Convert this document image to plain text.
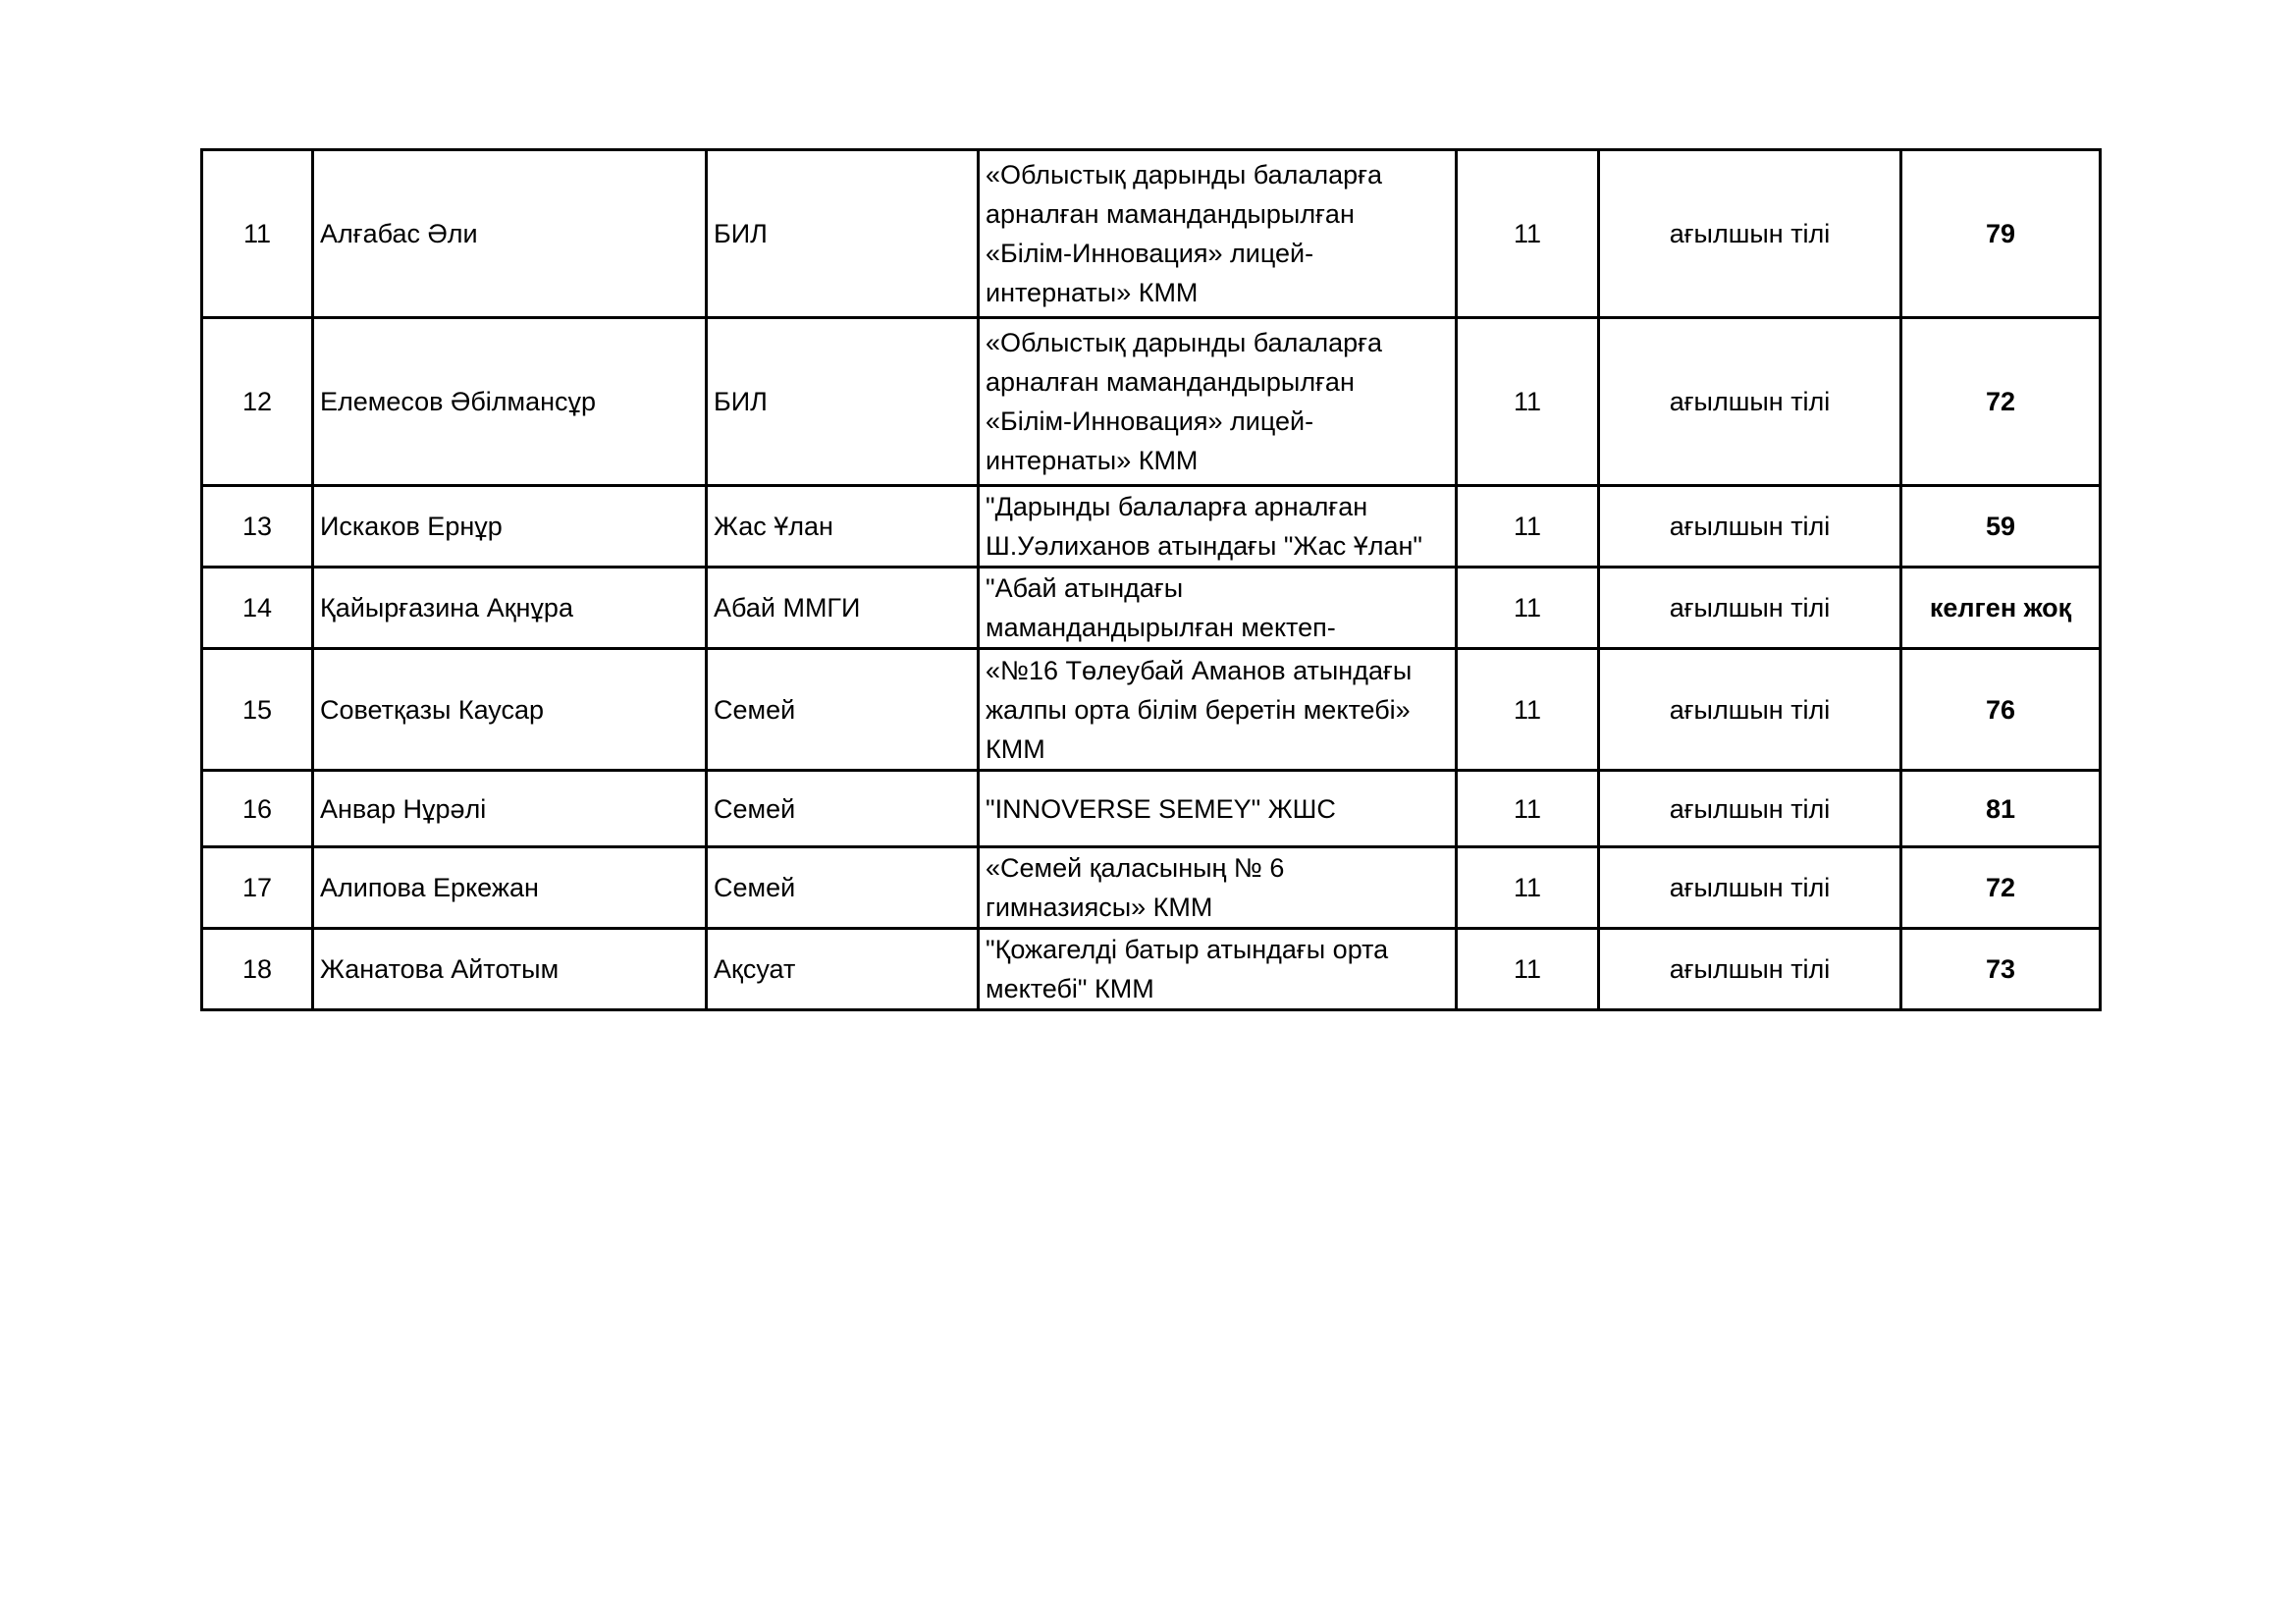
11	Алғабас Әли	БИЛ	«Облыстық дарынды балаларға
арналған мамандандырылған
«Білім-Инновация» лицей-
интернаты» КММ	11	ағылшын тілі	79
12	Елемесов Әбілмансұр	БИЛ	«Облыстық дарынды балаларға
арналған мамандандырылған
«Білім-Инновация» лицей-
интернаты» КММ	11	ағылшын тілі	72
13	Искаков Ернұр	Жас Ұлан	"Дарынды балаларға арналған
Ш.Уәлиханов атындағы "Жас Ұлан"	11	ағылшын тілі	59
14	Қайырғазина Ақнұра	Абай ММГИ	"Абай атындағы
мамандандырылған мектеп-	11	ағылшын тілі	келген жоқ
15	Советқазы Каусар	Семей	«№16 Төлеубай Аманов атындағы
жалпы орта білім беретін мектебі»
КММ	11	ағылшын тілі	76
16	Анвар Нұрәлі	Семей	"INNOVERSE SEMEY" ЖШС	11	ағылшын тілі	81
17	Алипова Еркежан	Семей	«Семей қаласының № 6
гимназиясы» КММ	11	ағылшын тілі	72
18	Жанатова Айтотым	Ақсуат	"Қожагелді батыр атындағы орта
мектебі" КММ	11	ағылшын тілі	73
